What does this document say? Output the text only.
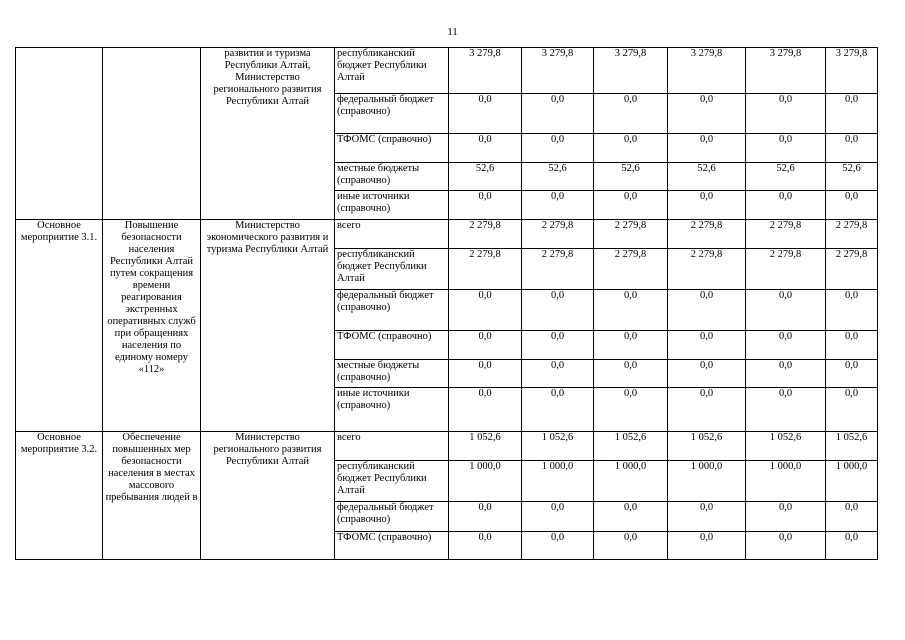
11
		развития и туризма Республики Алтай, Министерство регионального развития Республики Алтай	республиканский бюджет Республики Алтай	3 279,8	3 279,8	3 279,8	3 279,8	3 279,8	3 279,8
			федеральный бюджет (справочно)	0,0	0,0	0,0	0,0	0,0	0,0
			ТФОМС (справочно)	0,0	0,0	0,0	0,0	0,0	0,0
			местные бюджеты (справочно)	52,6	52,6	52,6	52,6	52,6	52,6
			иные источники (справочно)	0,0	0,0	0,0	0,0	0,0	0,0
Основное мероприятие 3.1.	Повышение безопасности населения Республики Алтай путем сокращения времени реагирования экстренных оперативных служб при обращениях населения по единому номеру «112»	Министерство экономического развития и туризма Республики Алтай	всего	2 279,8	2 279,8	2 279,8	2 279,8	2 279,8	2 279,8
			республиканский бюджет Республики Алтай	2 279,8	2 279,8	2 279,8	2 279,8	2 279,8	2 279,8
			федеральный бюджет (справочно)	0,0	0,0	0,0	0,0	0,0	0,0
			ТФОМС (справочно)	0,0	0,0	0,0	0,0	0,0	0,0
			местные бюджеты (справочно)	0,0	0,0	0,0	0,0	0,0	0,0
			иные источники (справочно)	0,0	0,0	0,0	0,0	0,0	0,0
Основное мероприятие 3.2.	Обеспечение повышенных мер безопасности населения в местах массового пребывания людей в	Министерство регионального развития Республики Алтай	всего	1 052,6	1 052,6	1 052,6	1 052,6	1 052,6	1 052,6
			республиканский бюджет Республики Алтай	1 000,0	1 000,0	1 000,0	1 000,0	1 000,0	1 000,0
			федеральный бюджет (справочно)	0,0	0,0	0,0	0,0	0,0	0,0
			ТФОМС (справочно)	0,0	0,0	0,0	0,0	0,0	0,0
